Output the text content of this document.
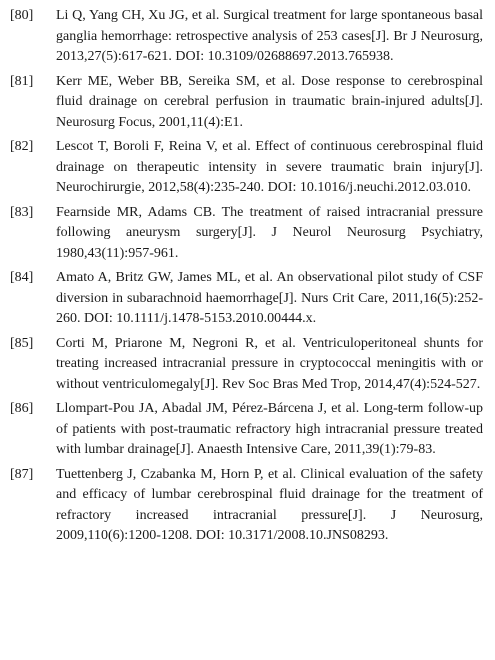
[80]	Li Q, Yang CH, Xu JG, et al. Surgical treatment for large spontaneous basal ganglia hemorrhage: retrospective analysis of 253 cases[J]. Br J Neurosurg, 2013,27(5):617-621. DOI: 10.3109/02688697.2013.765938.
[81]	Kerr ME, Weber BB, Sereika SM, et al. Dose response to cerebrospinal fluid drainage on cerebral perfusion in traumatic brain-injured adults[J]. Neurosurg Focus, 2001,11(4):E1.
[82]	Lescot T, Boroli F, Reina V, et al. Effect of continuous cerebrospinal fluid drainage on therapeutic intensity in severe traumatic brain injury[J]. Neurochirurgie, 2012,58(4):235-240. DOI: 10.1016/j.neuchi.2012.03.010.
[83]	Fearnside MR, Adams CB. The treatment of raised intracranial pressure following aneurysm surgery[J]. J Neurol Neurosurg Psychiatry, 1980,43(11):957-961.
[84]	Amato A, Britz GW, James ML, et al. An observational pilot study of CSF diversion in subarachnoid haemorrhage[J]. Nurs Crit Care, 2011,16(5):252-260. DOI: 10.1111/j.1478-5153.2010.00444.x.
[85]	Corti M, Priarone M, Negroni R, et al. Ventriculoperitoneal shunts for treating increased intracranial pressure in cryptococcal meningitis with or without ventriculomegaly[J]. Rev Soc Bras Med Trop, 2014,47(4):524-527.
[86]	Llompart-Pou JA, Abadal JM, Pérez-Bárcena J, et al. Long-term follow-up of patients with post-traumatic refractory high intracranial pressure treated with lumbar drainage[J]. Anaesth Intensive Care, 2011,39(1):79-83.
[87]	Tuettenberg J, Czabanka M, Horn P, et al. Clinical evaluation of the safety and efficacy of lumbar cerebrospinal fluid drainage for the treatment of refractory increased intracranial pressure[J]. J Neurosurg, 2009,110(6):1200-1208. DOI: 10.3171/2008.10.JNS08293.
